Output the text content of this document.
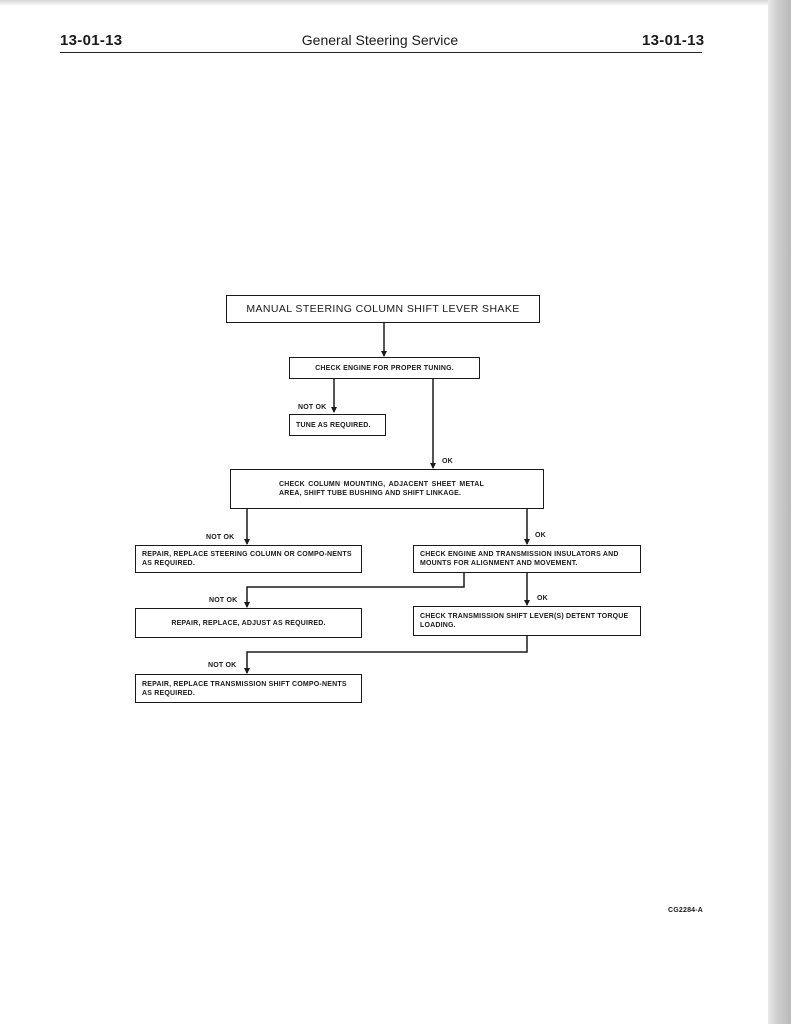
13-01-13	General Steering Service	13-01-13
MANUAL STEERING COLUMN SHIFT LEVER SHAKE
CHECK ENGINE FOR PROPER TUNING.
TUNE AS REQUIRED.
CHECK COLUMN MOUNTING, ADJACENT SHEET METAL AREA, SHIFT TUBE BUSHING AND SHIFT LINKAGE.
REPAIR, REPLACE STEERING COLUMN OR COMPO-NENTS AS REQUIRED.
CHECK ENGINE AND TRANSMISSION INSULATORS AND MOUNTS FOR ALIGNMENT AND MOVEMENT.
REPAIR, REPLACE, ADJUST AS REQUIRED.
CHECK TRANSMISSION SHIFT LEVER(S) DETENT TORQUE LOADING.
REPAIR, REPLACE TRANSMISSION SHIFT COMPO-NENTS AS REQUIRED.
NOT OK
OK
NOT OK	OK
NOT OK	OK
NOT OK
CG2284-A
